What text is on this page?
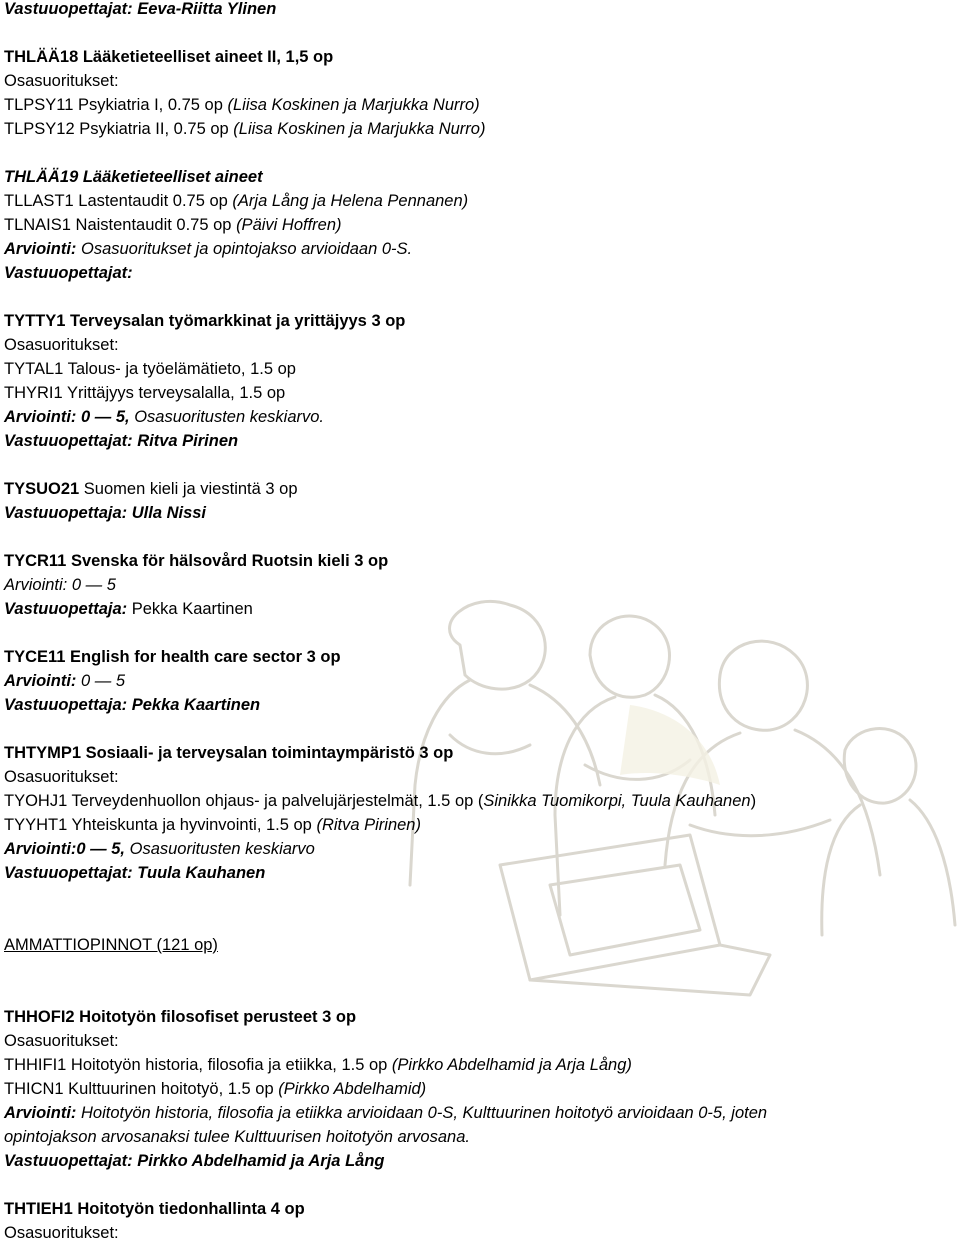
Vastuuopettajat: Eeva-Riitta Ylinen
THLÄÄ18 Lääketieteelliset aineet II, 1,5 op
Osasuoritukset:
TLPSY11 Psykiatria I, 0.75 op (Liisa Koskinen ja Marjukka Nurro)
TLPSY12 Psykiatria II, 0.75 op (Liisa Koskinen ja Marjukka Nurro)
THLÄÄ19 Lääketieteelliset aineet
TLLAST1 Lastentaudit 0.75 op (Arja Lång ja Helena Pennanen)
TLNAIS1 Naistentaudit 0.75 op (Päivi Hoffren)
Arviointi: Osasuoritukset ja opintojakso arvioidaan 0-S.
Vastuuopettajat:
TYTTY1 Terveysalan työmarkkinat ja yrittäjyys 3 op
Osasuoritukset:
TYTAL1 Talous- ja työelämätieto, 1.5 op
THYRI1 Yrittäjyys terveysalalla, 1.5 op
Arviointi: 0 — 5, Osasuoritusten keskiarvo.
Vastuuopettajat: Ritva Pirinen
TYSUO21 Suomen kieli ja viestintä 3 op
Vastuuopettaja: Ulla Nissi
TYCR11 Svenska för hälsovård Ruotsin kieli 3 op
Arviointi: 0 — 5
Vastuuopettaja: Pekka Kaartinen
TYCE11 English for health care sector 3 op
Arviointi: 0 — 5
Vastuuopettaja: Pekka Kaartinen
THTYMP1 Sosiaali- ja terveysalan toimintaympäristö 3 op
Osasuoritukset:
TYOHJ1 Terveydenhuollon ohjaus- ja palvelujärjestelmät, 1.5 op (Sinikka Tuomikorpi, Tuula Kauhanen)
TYYHT1 Yhteiskunta ja hyvinvointi, 1.5 op (Ritva Pirinen)
Arviointi:0 — 5, Osasuoritusten keskiarvo
Vastuuopettajat: Tuula Kauhanen
AMMATTIOPINNOT (121 op)
THHOFI2 Hoitotyön filosofiset perusteet 3 op
Osasuoritukset:
THHIFI1 Hoitotyön historia, filosofia ja etiikka, 1.5 op (Pirkko Abdelhamid ja Arja Lång)
THICN1 Kulttuurinen hoitotyö, 1.5 op (Pirkko Abdelhamid)
Arviointi: Hoitotyön historia, filosofia ja etiikka arvioidaan 0-S, Kulttuurinen hoitotyö arvioidaan 0-5, joten
opintojakson arvosanaksi tulee Kulttuurisen hoitotyön arvosana.
Vastuuopettajat: Pirkko Abdelhamid ja Arja Lång
THTIEH1 Hoitotyön tiedonhallinta 4 op
Osasuoritukset:
